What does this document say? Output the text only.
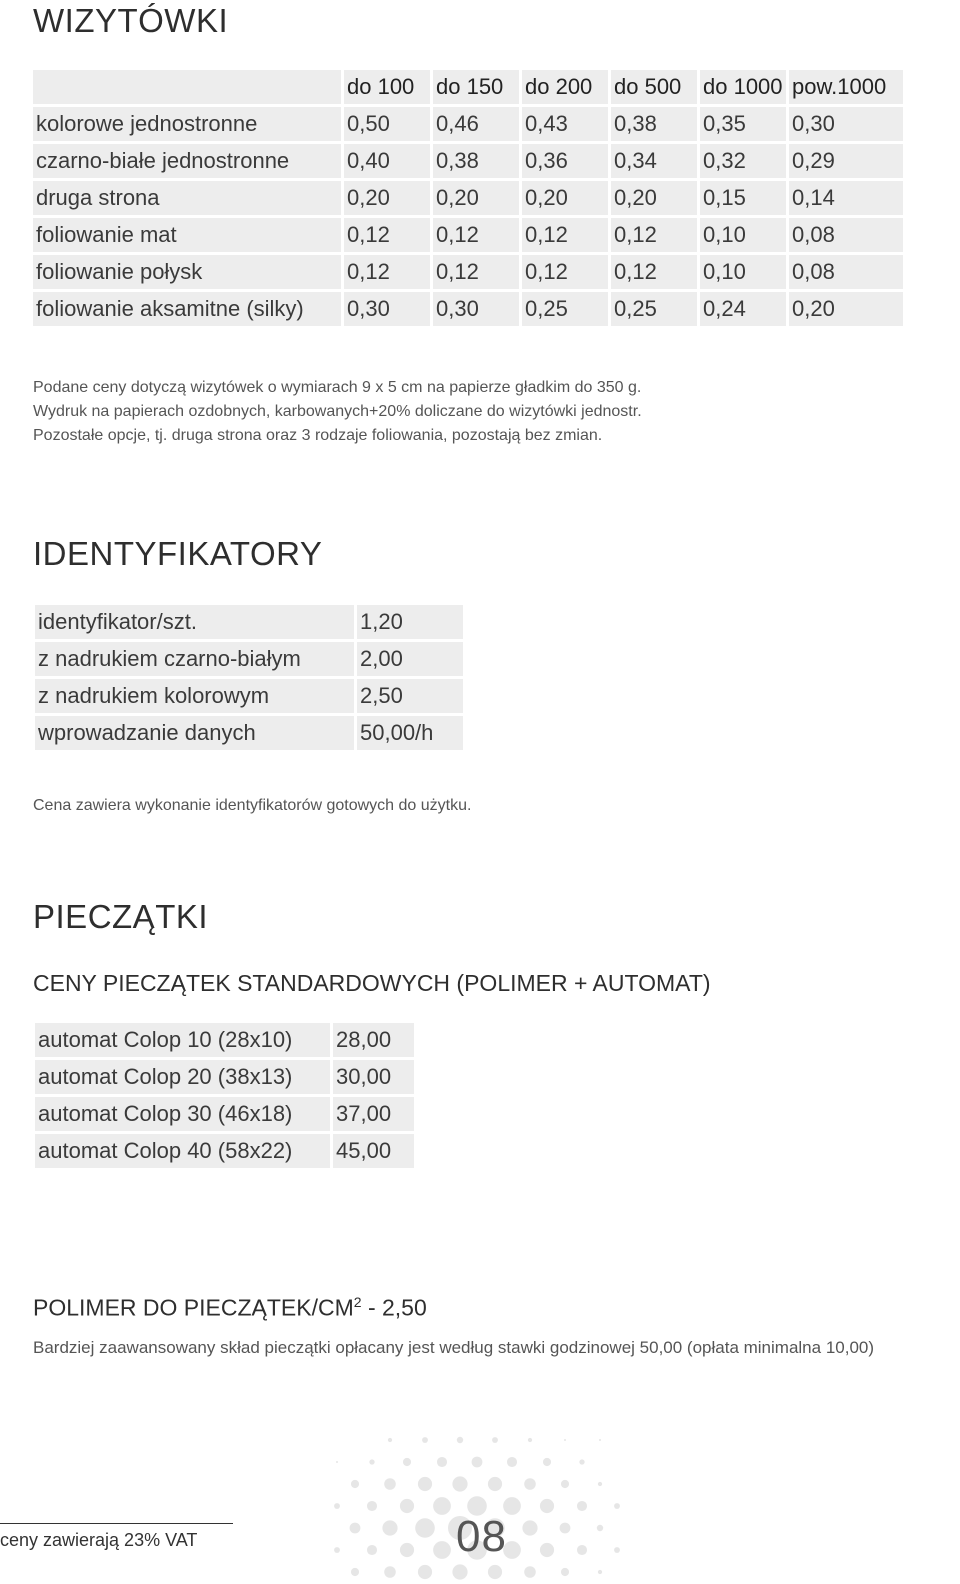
WIZYTÓWKI
	do 100	do 150	do 200	do 500	do 1000	pow.1000
kolorowe jednostronne	0,50	0,46	0,43	0,38	0,35	0,30
czarno-białe jednostronne	0,40	0,38	0,36	0,34	0,32	0,29
druga strona	0,20	0,20	0,20	0,20	0,15	0,14
foliowanie mat	0,12	0,12	0,12	0,12	0,10	0,08
foliowanie połysk	0,12	0,12	0,12	0,12	0,10	0,08
foliowanie aksamitne (silky)	0,30	0,30	0,25	0,25	0,24	0,20

Podane ceny dotyczą wizytówek o wymiarach 9 x 5 cm na papierze gładkim do 350 g.

Wydruk na papierach ozdobnych, karbowanych+20% doliczane do wizytówki jednostr.

Pozostałe opcje, tj. druga strona oraz 3 rodzaje foliowania, pozostają bez zmian.

IDENTYFIKATORY
identyfikator/szt.	1,20
z nadrukiem czarno-białym	2,00
z nadrukiem kolorowym	2,50
wprowadzanie danych	50,00/h

Cena zawiera wykonanie identyfikatorów gotowych do użytku.

PIECZĄTKI
CENY PIECZĄTEK STANDARDOWYCH (POLIMER + AUTOMAT)
automat Colop 10 (28x10)	28,00
automat Colop 20 (38x13)	30,00
automat Colop 30 (46x18)	37,00
automat Colop 40 (58x22)	45,00
POLIMER DO PIECZĄTEK/$CM^2 - 2,50$

Bardziej zaawansowany skład pieczątki opłacany jest według stawki godzinowej 50,00 (opłata minimalna 10,00)

ceny zawierają 23% VAT	08
